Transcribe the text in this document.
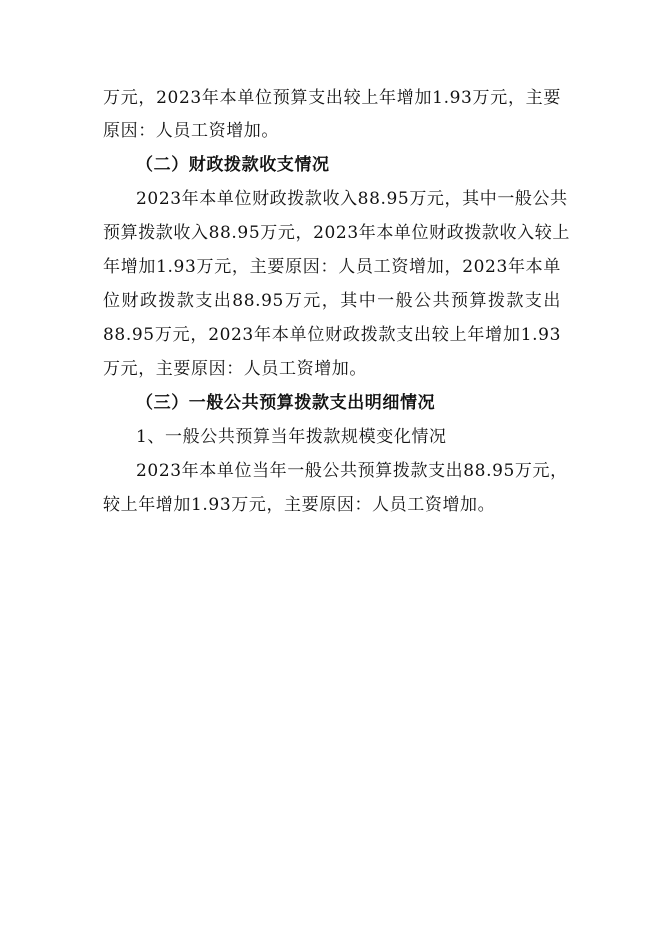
万元，2023年本单位预算支出较上年增加1.93万元，主要
原因：人员工资增加。
（二）财政拨款收支情况
2023年本单位财政拨款收入88.95万元，其中一般公共
预算拨款收入88.95万元，2023年本单位财政拨款收入较上
年增加1.93万元，主要原因：人员工资增加，2023年本单
位财政拨款支出88.95万元，其中一般公共预算拨款支出
88.95万元，2023年本单位财政拨款支出较上年增加1.93
万元，主要原因：人员工资增加。
（三）一般公共预算拨款支出明细情况
1、一般公共预算当年拨款规模变化情况
2023年本单位当年一般公共预算拨款支出88.95万元，
较上年增加1.93万元，主要原因：人员工资增加。
